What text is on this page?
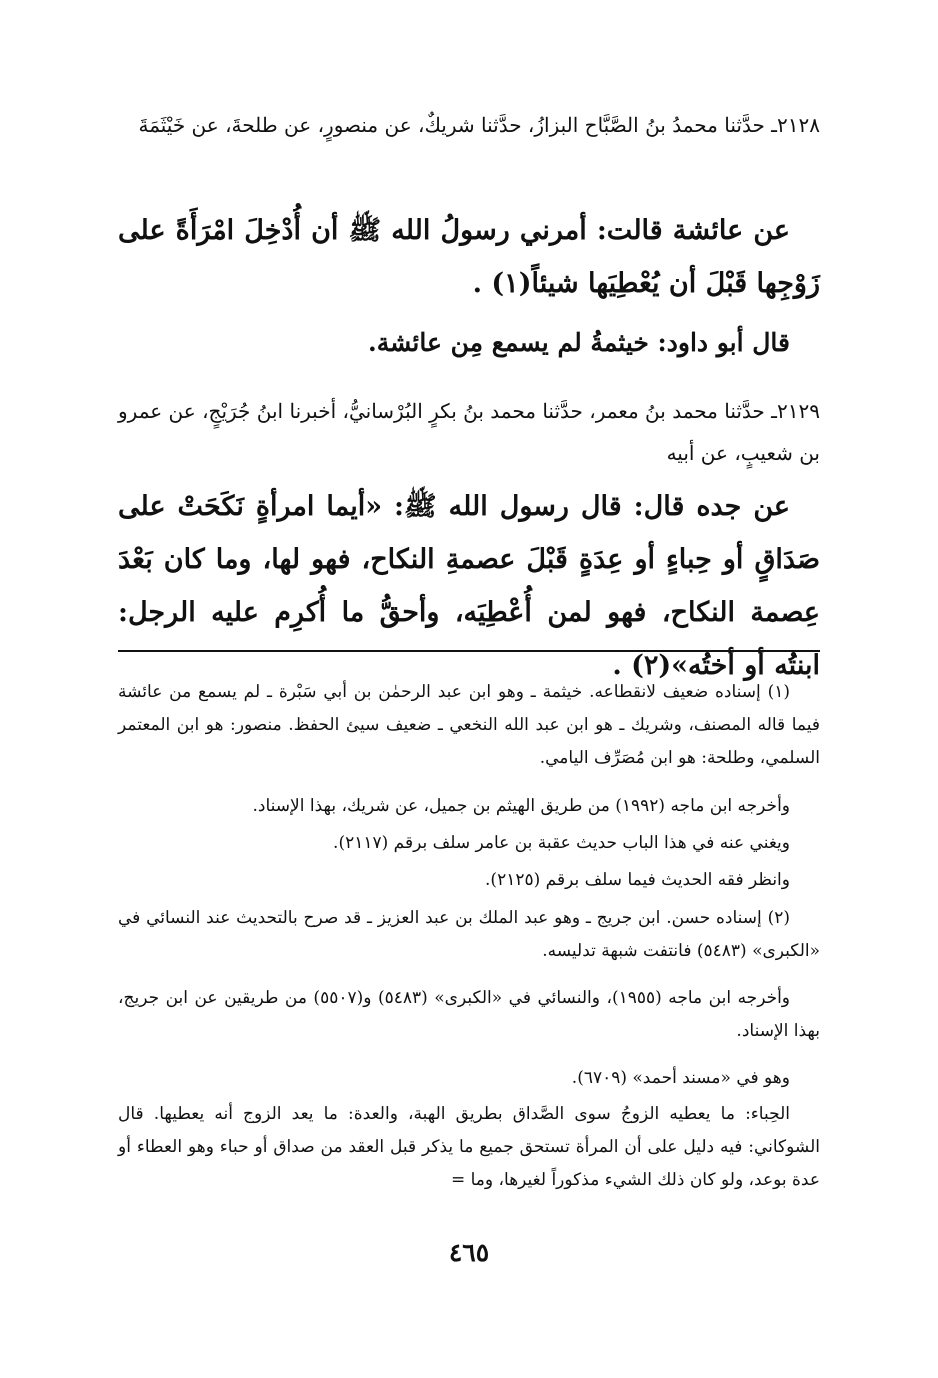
٢١٢٨ـ حدَّثنا محمدُ بنُ الصَّبَّاح البزازُ، حدَّثنا شريكٌ، عن منصورٍ، عن طلحةَ، عن خَيْثَمَةَ
عن عائشة قالت: أمرني رسولُ الله ﷺ أن أُدْخِلَ امْرَأَةً على زَوْجِها قَبْلَ أن يُعْطِيَها شيئاً(١) .
قال أبو داود: خيثمةُ لم يسمع مِن عائشة.
٢١٢٩ـ حدَّثنا محمد بنُ معمر، حدَّثنا محمد بنُ بكرٍ البُرْسانيُّ، أخبرنا ابنُ جُرَيْجٍ، عن عمرو بن شعيبٍ، عن أبيه
عن جده قال: قال رسول الله ﷺ: «أيما امرأةٍ نَكَحَتْ على صَدَاقٍ أو حِباءٍ أو عِدَةٍ قَبْلَ عصمةِ النكاح، فهو لها، وما كان بَعْدَ عِصمة النكاح، فهو لمن أُعْطِيَه، وأحقُّ ما أُكرِم عليه الرجل: ابنتُه أو أختُه»(٢) .
(١) إسناده ضعيف لانقطاعه. خيثمة ـ وهو ابن عبد الرحمٰن بن أبي سَبْرة ـ لم يسمع من عائشة فيما قاله المصنف، وشريك ـ هو ابن عبد الله النخعي ـ ضعيف سيئ الحفظ. منصور: هو ابن المعتمر السلمي، وطلحة: هو ابن مُصَرِّف اليامي.
وأخرجه ابن ماجه (١٩٩٢) من طريق الهيثم بن جميل، عن شريك، بهذا الإسناد.
ويغني عنه في هذا الباب حديث عقبة بن عامر سلف برقم (٢١١٧).
وانظر فقه الحديث فيما سلف برقم (٢١٢٥).
(٢) إسناده حسن. ابن جريج ـ وهو عبد الملك بن عبد العزيز ـ قد صرح بالتحديث عند النسائي في «الكبرى» (٥٤٨٣) فانتفت شبهة تدليسه.
وأخرجه ابن ماجه (١٩٥٥)، والنسائي في «الكبرى» (٥٤٨٣) و(٥٥٠٧) من طريقين عن ابن جريج، بهذا الإسناد.
وهو في «مسند أحمد» (٦٧٠٩).
الحِباء: ما يعطيه الزوجُ سوى الصَّداق بطريق الهبة، والعدة: ما يعد الزوج أنه يعطيها. قال الشوكاني: فيه دليل على أن المرأة تستحق جميع ما يذكر قبل العقد من صداق أو حباء وهو العطاء أو عدة بوعد، ولو كان ذلك الشيء مذكوراً لغيرها، وما =
٤٦٥
